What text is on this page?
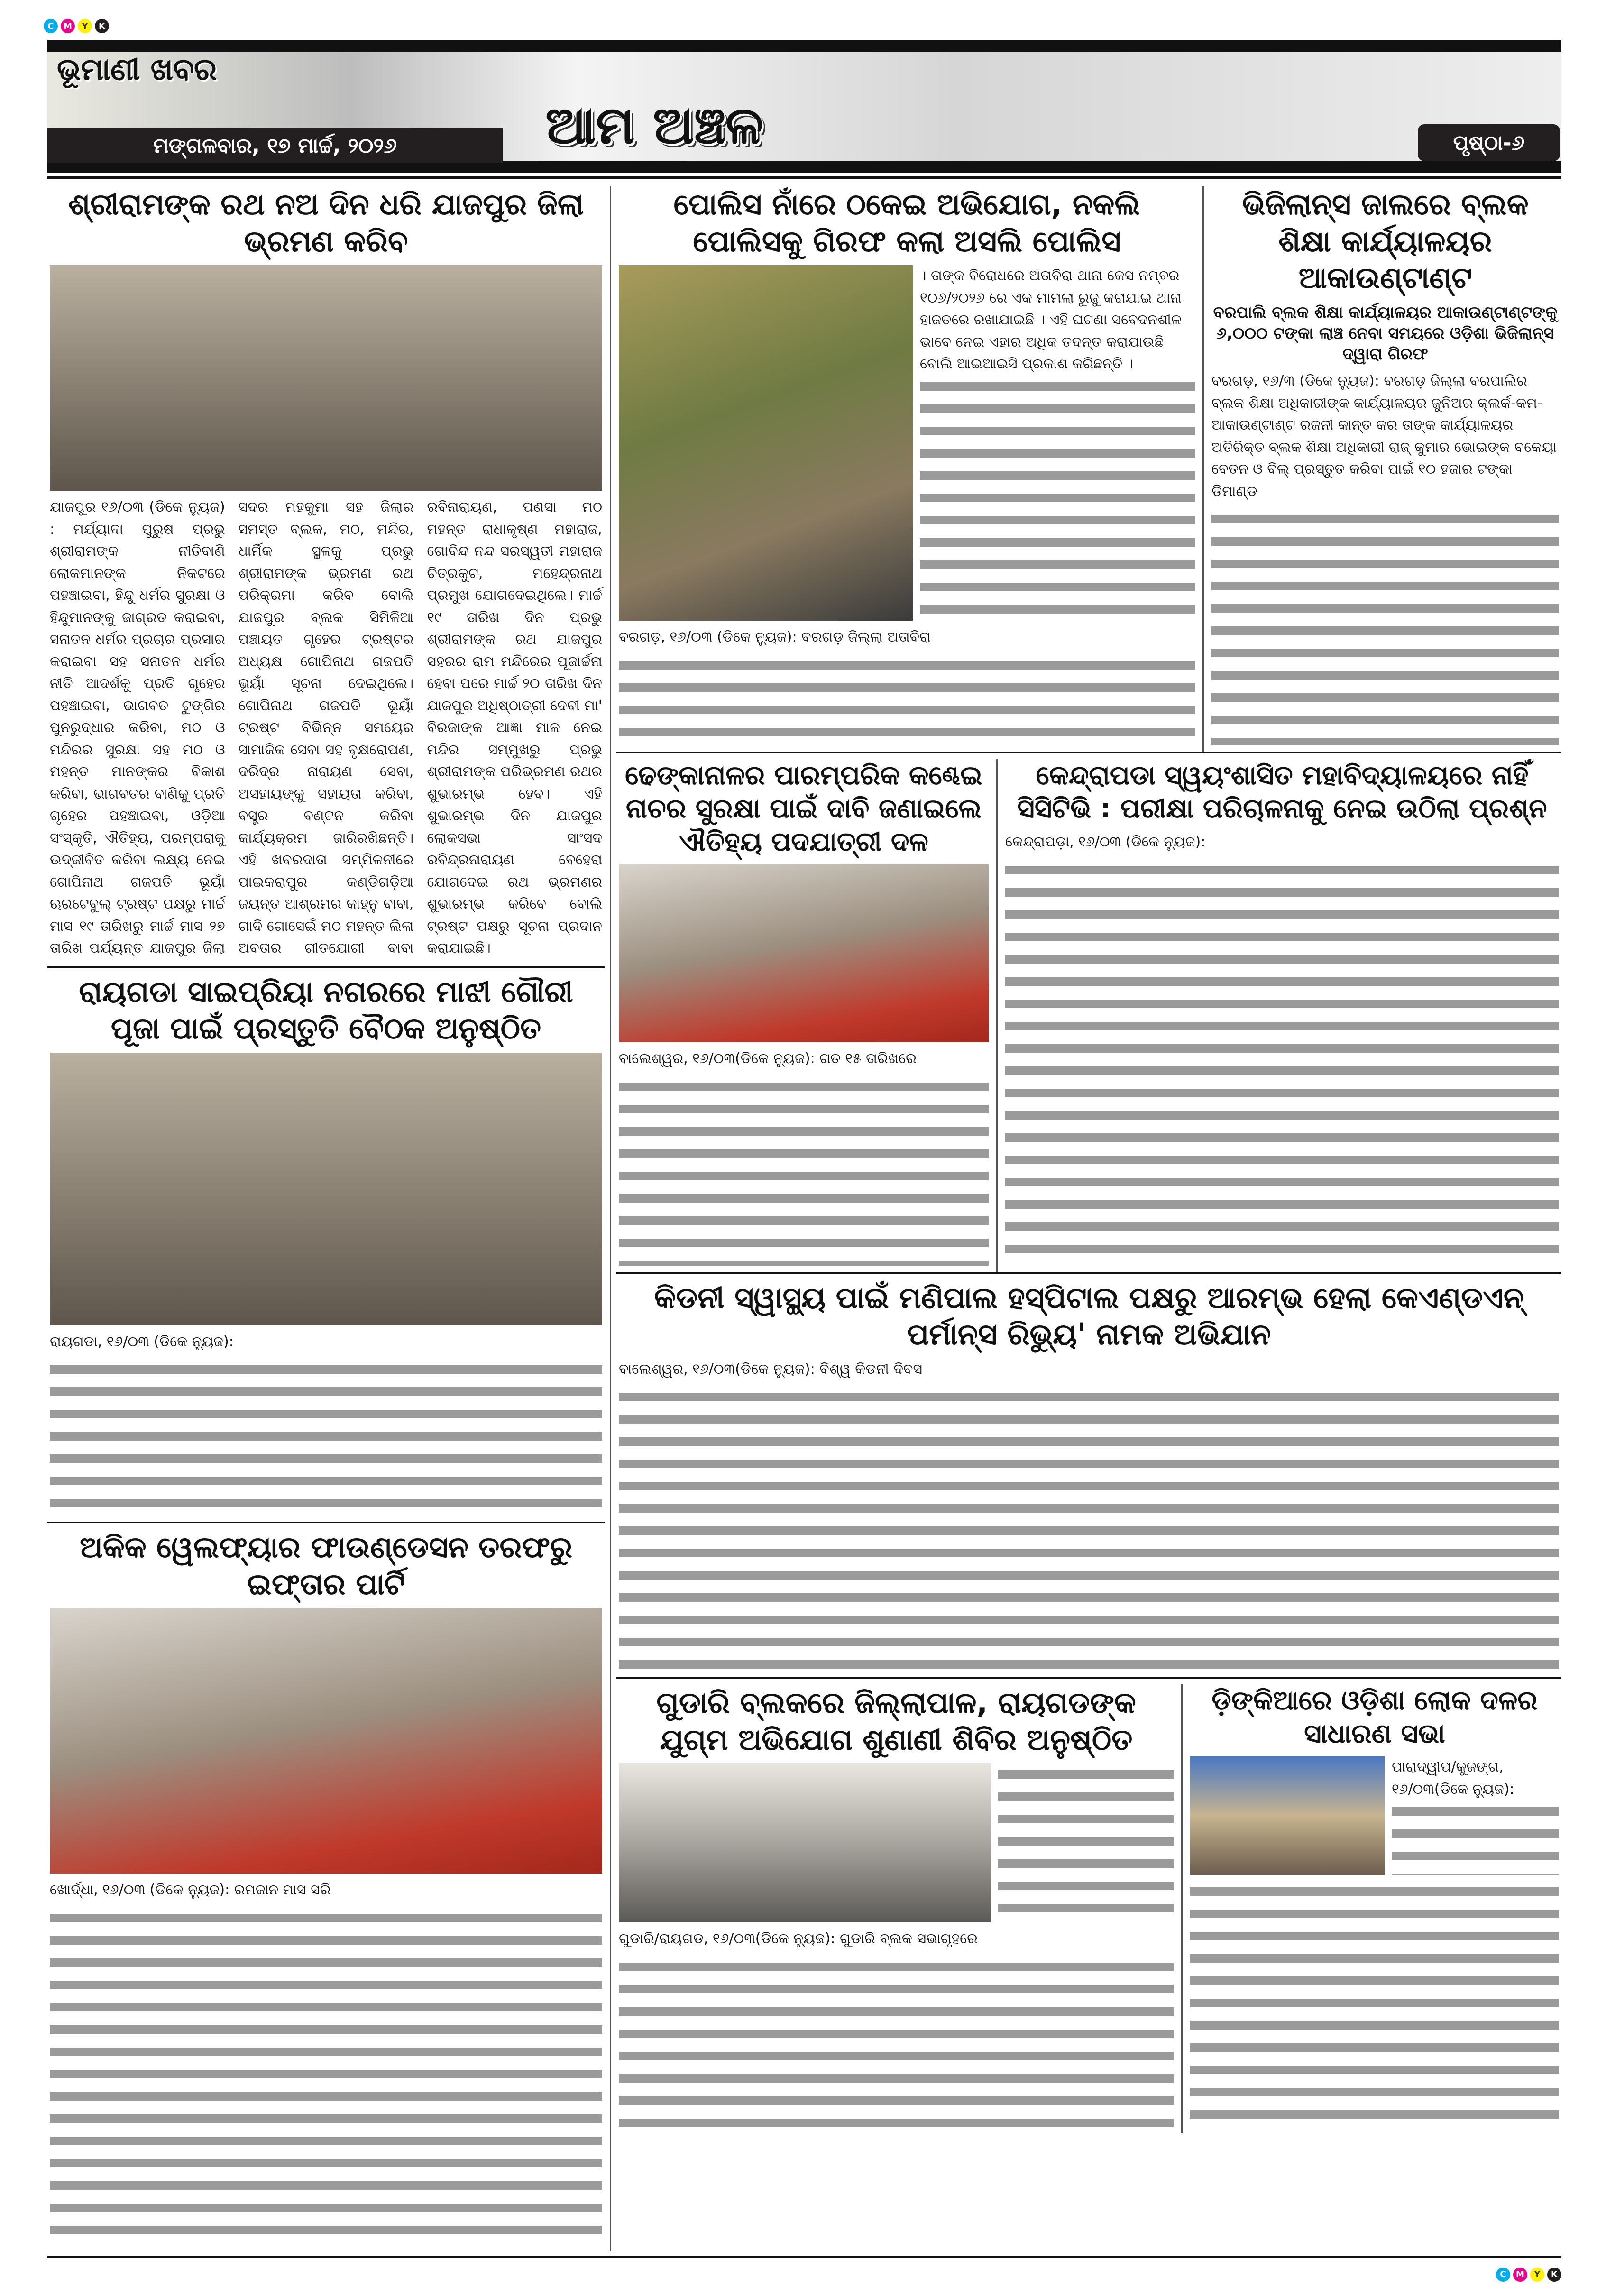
C	M	Y	K
ଭୂମାଣୀ ଖବର
ମଙ୍ଗଳବାର, ୧୭ ମାର୍ଚ୍ଚ, ୨୦୨୬	ଆମ ଅଞ୍ଚଳ	ପୃଷ୍ଠା-୬
ଶ୍ରୀରାମଙ୍କ ରଥ ନଅ ଦିନ ଧରି ଯାଜପୁର ଜିଲା ଭ୍ରମଣ କରିବ
ଯାଜପୁର ୧୬/୦୩ (ଡିକେ ନ୍ୟୁଜ) : ମର୍ଯ୍ୟାଦା ପୁରୁଷ ପ୍ରଭୁ ଶ୍ରୀରାମଙ୍କ ନୀତିବାଣି ଲୋକମାନଙ୍କ ନିକଟରେ ପହଞ୍ଚାଇବା, ହିନ୍ଦୁ ଧର୍ମର ସୁରକ୍ଷା ଓ ହିନ୍ଦୁମାନଙ୍କୁ ଜାଗ୍ରତ କରାଇବା, ସନାତନ ଧର୍ମର ପ୍ରଚାର ପ୍ରସାର କରାଇବା ସହ ସନାତନ ଧର୍ମର ନୀତି ଆଦର୍ଶକୁ ପ୍ରତି ଗୃହେର ପହଞ୍ଚାଇବା, ଭାଗବତ ଟୁଙ୍ଗିର ପୁନରୁଦ୍ଧାର କରିବା, ମଠ ଓ ମନ୍ଦିରର ସୁରକ୍ଷା ସହ ମଠ ଓ ମହନ୍ତ ମାନଙ୍କର ବିକାଶ କରିବା, ଭାଗବତର ବାଣିକୁ ପ୍ରତି ଗୃହେର ପହଞ୍ଚାଇବା, ଓଡ଼ିଆ ସଂସ୍କୃତି, ଐତିହ୍ୟ, ପରମ୍ପରାକୁ ଉଦ୍ଜୀବିତ କରିବା ଲକ୍ଷ୍ୟ ନେଇ ଗୋପିନାଥ ଗଜପତି ଭୂୟାଁ ଋରଟେବୁଲ୍ ଟ୍ରଷ୍ଟ ପକ୍ଷରୁ ମାର୍ଚ୍ଚ ମାସ ୧୯ ତାରିଖରୁ ମାର୍ଚ୍ଚ ମାସ ୨୭ ତାରିଖ ପର୍ଯ୍ୟନ୍ତ ଯାଜପୁର ଜିଲା ସଦର ମହକୁମା ସହ ଜିଲାର ସମସ୍ତ ବ୍ଲକ, ମଠ, ମନ୍ଦିର, ଧାର୍ମିକ ସ୍ଥଳକୁ ପ୍ରଭୁ ଶ୍ରୀରାମଙ୍କ ଭ୍ରମଣ ରଥ ପରିକ୍ରମା କରିବ ବୋଲି ଯାଜପୁର ବ୍ଲକ ସିମିଳିଆ ପଞ୍ଚାୟତ ଗୃହେର ଟ୍ରଷ୍ଟର ଅଧ୍ୟକ୍ଷ ଗୋପିନାଥ ଗଜପତି ଭୂୟାଁ ସୂଚନା ଦେଇଥିଲେ। ଗୋପିନାଥ ଗଜପତି ଭୂୟାଁ ଟ୍ରଷ୍ଟ ବିଭିନ୍ନ ସମୟେର ସାମାଜିକ ସେବା ସହ ବୃକ୍ଷରୋପଣ, ଦରିଦ୍ର ନାରାୟଣ ସେବା, ଅସହାୟଙ୍କୁ ସହାୟତା କରିବା, ବସ୍ତ୍ର ବଣ୍ଟନ କରିବା କାର୍ଯ୍ୟକ୍ରମ ଜାରିରଖିଛନ୍ତି। ଏହି ଖବରଦାତା ସମ୍ମିଳନୀରେ ପାଇକରାପୁର କଣ୍ଡିଗଡ଼ିଆ ଜୟନ୍ତ ଆଶ୍ରମର କାହ୍ନୁ ବାବା, ଗାଦି ଗୋସେଇଁ ମଠ ମହନ୍ତ ଲିଳା ଅବତାର ଗୀତଯୋଗୀ ବାବା ରବିନାରାୟଣ, ପଣସା ମଠ ମହନ୍ତ ରାଧାକୃଷ୍ଣ ମହାରାଜ, ଗୋବିନ୍ଦ ନନ୍ଦ ସରସ୍ୱତୀ ମହାରାଜ ଚିତ୍ରକୁଟ, ମହେନ୍ଦ୍ରନାଥ ପ୍ରମୁଖ ଯୋଗଦେଇଥିଲେ। ମାର୍ଚ୍ଚ ୧୯ ତାରିଖ ଦିନ ପ୍ରଭୁ ଶ୍ରୀରାମଙ୍କ ରଥ ଯାଜପୁର ସହରର ରାମ ମନ୍ଦିରେର ପୂଜାର୍ଚ୍ଚନା ହେବା ପରେ ମାର୍ଚ୍ଚ ୨୦ ତାରିଖ ଦିନ ଯାଜପୁର ଅଧିଷ୍ଠାତ୍ରୀ ଦେବୀ ମା' ବିରଜାଙ୍କ ଆଜ୍ଞା ମାଳ ନେଇ ମନ୍ଦିର ସମ୍ମୁଖରୁ ପ୍ରଭୁ ଶ୍ରୀରାମଙ୍କ ପରିଭ୍ରମଣ ରଥର ଶୁଭାରମ୍ଭ ହେବ। ଏହି ଶୁଭାରମ୍ଭ ଦିନ ଯାଜପୁର ଲୋକସଭା ସାଂସଦ ରବିନ୍ଦ୍ରନାରାୟଣ ବେହେରା ଯୋଗଦେଇ ରଥ ଭ୍ରମଣର ଶୁଭାରମ୍ଭ କରିବେ ବୋଲି ଟ୍ରଷ୍ଟ ପକ୍ଷରୁ ସୂଚନା ପ୍ରଦାନ କରାଯାଇଛି।
ରାୟଗଡା ସାଇପ୍ରିୟା ନଗରରେ ମାଝୀ ଗୌରୀ ପୂଜା ପାଇଁ ପ୍ରସ୍ତୁତି ବୈଠକ ଅନୁଷ୍ଠିତ
ରାୟଗଡା, ୧୬/୦୩ (ଡିକେ ନ୍ୟୁଜ):
ଅକିକ ୱେଲଫ୍ୟାର ଫାଉଣ୍ଡେସନ ତରଫରୁ ଇଫ୍ତାର ପାର୍ଟି
ଖୋର୍ଦ୍ଧା, ୧୬/୦୩ (ଡିକେ ନ୍ୟୁଜ): ରମଜାନ ମାସ ସରି
ପୋଲିସ ନାଁରେ ଠକେଇ ଅଭିଯୋଗ, ନକଲି ପୋଲିସକୁ ଗିରଫ କଲା ଅସଲି ପୋଲିସ
। ତାଙ୍କ ବିରୋଧରେ ଅତାବିରା ଥାନା କେସ ନମ୍ବର ୧୦୬/୨୦୨୬ ରେ ଏକ ମାମଲା ରୁଜୁ କରାଯାଇ ଥାନା ହାଜତରେ ରଖାଯାଇଛି । ଏହି ଘଟଣା ସବେଦନଶୀଳ ଭାବେ ନେଇ ଏହାର ଅଧିକ ତଦନ୍ତ କରାଯାଉଛି ବୋଲି ଆଇଆଇସି ପ୍ରକାଶ କରିଛନ୍ତି ।
ବରଗଡ଼, ୧୬/୦୩ (ଡିକେ ନ୍ୟୁଜ): ବରଗଡ଼ ଜିଲ୍ଲା ଅତାବିରା
ଭିଜିଲାନ୍ସ ଜାଲରେ ବ୍ଲକ ଶିକ୍ଷା କାର୍ଯ୍ୟାଳୟର ଆକାଉଣ୍ଟାଣ୍ଟ
ବରପାଲି ବ୍ଲକ ଶିକ୍ଷା କାର୍ଯ୍ୟାଳୟର ଆକାଉଣ୍ଟାଣ୍ଟଙ୍କୁ ୬,୦୦୦ ଟଙ୍କା ଲାଞ୍ଚ ନେବା ସମୟରେ ଓଡ଼ିଶା ଭିଜିଲାନ୍ସ ଦ୍ୱାରା ଗିରଫ
ବରଗଡ଼, ୧୬/୩ (ଡିକେ ନ୍ୟୁଜ): ବରଗଡ଼ ଜିଲ୍ଲା ବରପାଲିର ବ୍ଲକ ଶିକ୍ଷା ଅଧିକାରୀଙ୍କ କାର୍ଯ୍ୟାଳୟର ଜୁନିଅର କ୍ଲର୍କ-କମ-ଆକାଉଣ୍ଟାଣ୍ଟ ରଜନୀ କାନ୍ତ କର ତାଙ୍କ କାର୍ଯ୍ୟାଳୟର ଅତିରିକ୍ତ ବ୍ଲକ ଶିକ୍ଷା ଅଧିକାରୀ ରାଜ୍ କୁମାର ଭୋଇଙ୍କ ବକେୟା ବେତନ ଓ ବିଲ୍ ପ୍ରସ୍ତୁତ କରିବା ପାଇଁ ୧୦ ହଜାର ଟଙ୍କା ଡିମାଣ୍ଡ
ଢେଙ୍କାନାଳର ପାରମ୍ପରିକ କଣ୍ଢେଇ ନାଚର ସୁରକ୍ଷା ପାଇଁ ଦାବି ଜଣାଇଲେ ଐତିହ୍ୟ ପଦଯାତ୍ରୀ ଦଳ
ବାଲେଶ୍ୱର, ୧୬/୦୩(ଡିକେ ନ୍ୟୁଜ): ଗତ ୧୫ ତାରିଖରେ
କେନ୍ଦ୍ରାପଡା ସ୍ୱୟଂଶାସିତ ମହାବିଦ୍ୟାଳୟରେ ନାହିଁ ସିସିଟିଭି : ପରୀକ୍ଷା ପରିଚାଳନାକୁ ନେଇ ଉଠିଲା ପ୍ରଶ୍ନ
କେନ୍ଦ୍ରାପଡ଼ା, ୧୬/୦୩ (ଡିକେ ନ୍ୟୁଜ):
କିଡନୀ ସ୍ୱାସ୍ଥ୍ୟ ପାଇଁ ମଣିପାଲ ହସ୍ପିଟାଲ ପକ୍ଷରୁ ଆରମ୍ଭ ହେଲା କେଏଣ୍ଡଏନ୍ ପର୍ମାନ୍ସ ରିଭ୍ୟୁ' ନାମକ ଅଭିଯାନ
ବାଲେଶ୍ୱର, ୧୬/୦୩(ଡିକେ ନ୍ୟୁଜ): ବିଶ୍ୱ କିଡନୀ ଦିବସ
ଗୁଡାରି ବ୍ଲକରେ ଜିଲ୍ଲାପାଳ, ରାୟଗଡଙ୍କ ଯୁଗ୍ମ ଅଭିଯୋଗ ଶୁଣାଣୀ ଶିବିର ଅନୁଷ୍ଠିତ
ଗୁଡାରି/ରାୟଗଡ, ୧୬/୦୩(ଡିକେ ନ୍ୟୁଜ): ଗୁଡାରି ବ୍ଲକ ସଭାଗୃହରେ
ଡ଼ିଙ୍କିଆରେ ଓଡ଼ିଶା ଲୋକ ଦଳର ସାଧାରଣ ସଭା
ପାରାଦ୍ୱୀପ/କୁଜଙ୍ଗ, ୧୬/୦୩(ଡିକେ ନ୍ୟୁଜ):
C	M	Y	K
